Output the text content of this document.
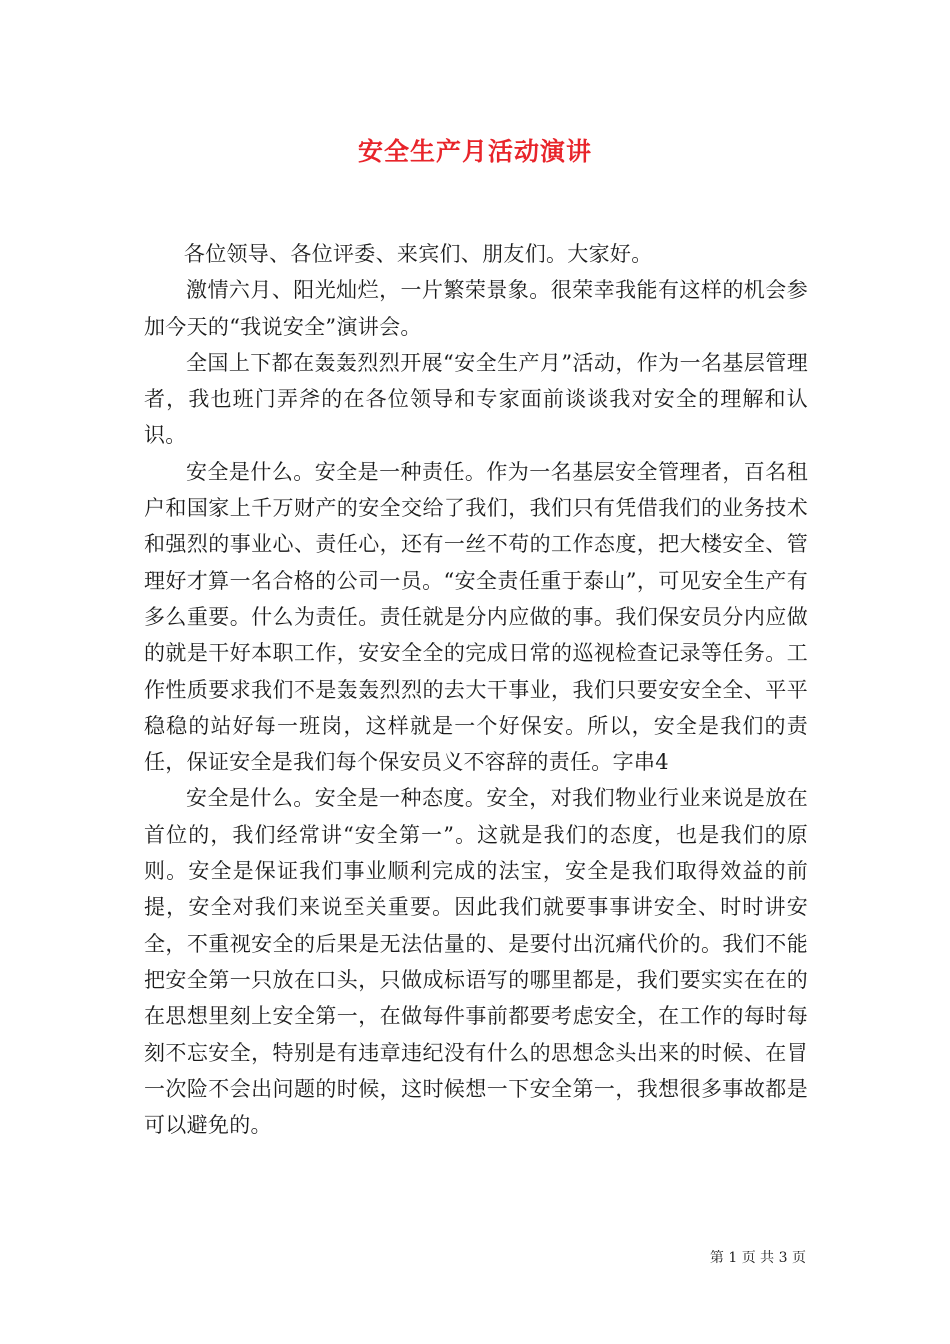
安全生产月活动演讲

各位领导、各位评委、来宾们、朋友们。大家好。

激情六月、阳光灿烂，一片繁荣景象。很荣幸我能有这样的机会参加今天的“我说安全”演讲会。

全国上下都在轰轰烈烈开展“安全生产月”活动，作为一名基层管理者，我也班门弄斧的在各位领导和专家面前谈谈我对安全的理解和认识。

安全是什么。安全是一种责任。作为一名基层安全管理者，百名租户和国家上千万财产的安全交给了我们，我们只有凭借我们的业务技术和强烈的事业心、责任心，还有一丝不苟的工作态度，把大楼安全、管理好才算一名合格的公司一员。“安全责任重于泰山”，可见安全生产有多么重要。什么为责任。责任就是分内应做的事。我们保安员分内应做的就是干好本职工作，安安全全的完成日常的巡视检查记录等任务。工作性质要求我们不是轰轰烈烈的去大干事业，我们只要安安全全、平平稳稳的站好每一班岗，这样就是一个好保安。所以，安全是我们的责任，保证安全是我们每个保安员义不容辞的责任。字串4

安全是什么。安全是一种态度。安全，对我们物业行业来说是放在首位的，我们经常讲“安全第一”。这就是我们的态度，也是我们的原则。安全是保证我们事业顺利完成的法宝，安全是我们取得效益的前提，安全对我们来说至关重要。因此我们就要事事讲安全、时时讲安全，不重视安全的后果是无法估量的、是要付出沉痛代价的。我们不能把安全第一只放在口头，只做成标语写的哪里都是，我们要实实在在的在思想里刻上安全第一，在做每件事前都要考虑安全，在工作的每时每刻不忘安全，特别是有违章违纪没有什么的思想念头出来的时候、在冒一次险不会出问题的时候，这时候想一下安全第一，我想很多事故都是可以避免的。

第 1 页 共 3 页
